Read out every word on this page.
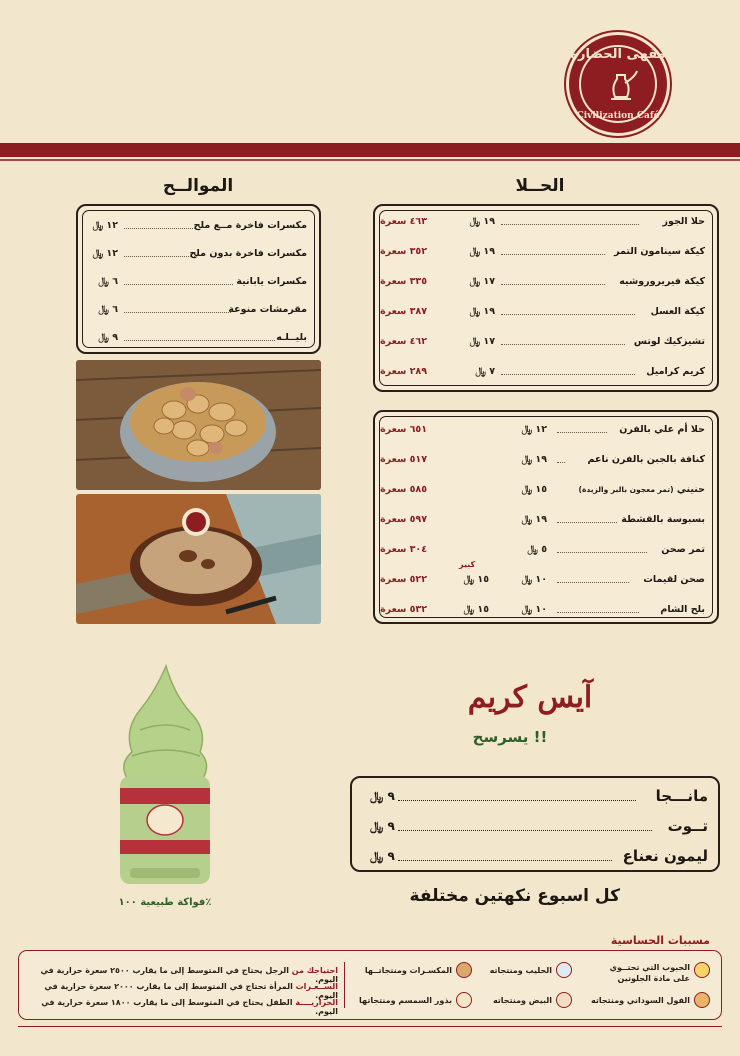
مقهى الحضارة
Civilization Café
الحــلا
الموالــح
حلا الجوز
١٩ ﷼
٤٦٣ سعرة
كيكة سينامون التمر
١٩ ﷼
٣٥٢ سعرة
كيكة فيريروروشيه
١٧ ﷼
٣٣٥ سعرة
كيكة العسل
١٩ ﷼
٣٨٧ سعرة
تشيزكيك لوتس
١٧ ﷼
٤٦٢ سعرة
كريم كراميل
٧ ﷼
٢٨٩ سعرة
حلا أم علي بالفرن
١٢ ﷼
٦٥١ سعرة
كنافة بالجبن بالفرن ناعم
١٩ ﷼
٥١٧ سعرة
حنيني (تمر معجون بالبر والزبدة)
١٥ ﷼
٥٨٥ سعرة
بسبوسة بالقشطة
١٩ ﷼
٥٩٧ سعرة
تمر صحن
٥ ﷼
٣٠٤ سعرة
كبير
صحن لقيمات
١٠ ﷼
١٥ ﷼
٥٢٢ سعرة
بلح الشام
١٠ ﷼
١٥ ﷼
٥٣٢ سعرة
مكسرات فاخرة مــع ملح
١٢ ﷼
مكسرات فاخرة بدون ملح
١٢ ﷼
مكسرات يابانية
٦ ﷼
مقرمشات منوعة
٦ ﷼
بليــلـه
٩ ﷼
فواكة طبيعية ١٠٠٪
آيس كريم
يسرسح !!
مانـــجا
٩ ﷼
تــوت
٩ ﷼
ليمون نعناع
٩ ﷼
كل اسبوع نكهتين مختلفة
مسببات الحساسية
الحبوب التي تحتــوي على مادة الجلوتين
الحليب ومنتجاته
المكسـرات ومنتجاتــها
الفول السوداني ومنتجاته
البيض ومنتجاته
بذور السمسم ومنتجاتها
احتياجك من الرجل يحتاج في المتوسط إلى ما يقارب ٢٥٠٠ سعرة حرارية في اليوم.
الســعـرات المرأة تحتاج في المتوسط إلى ما يقارب ٢٠٠٠ سعرة حرارية في اليوم.
الحراريــــة الطفل يحتاج في المتوسط إلى ما يقارب ١٨٠٠ سعرة حرارية في اليوم.
